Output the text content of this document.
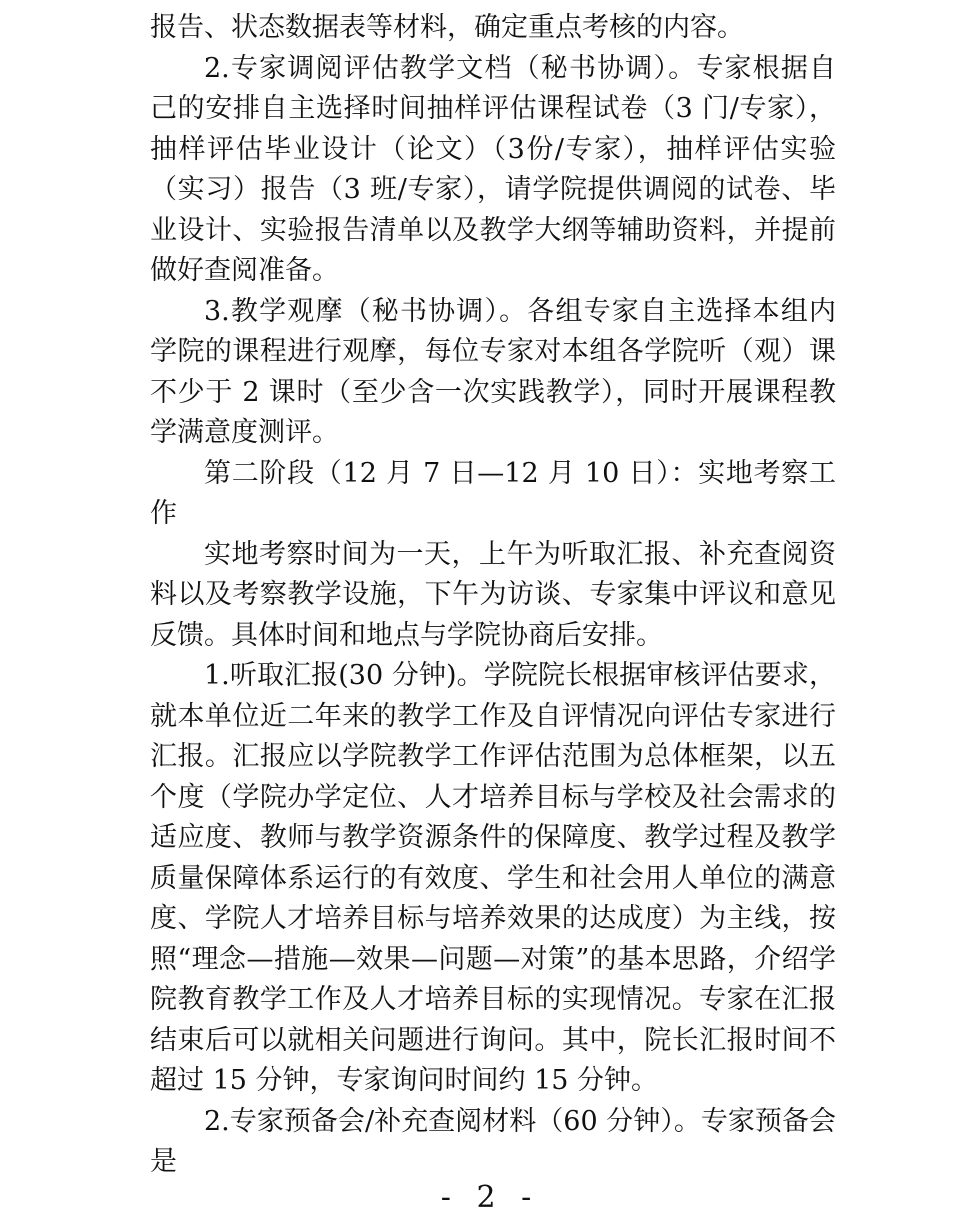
报告、状态数据表等材料，确定重点考核的内容。

2.专家调阅评估教学文档（秘书协调）。专家根据自己的安排自主选择时间抽样评估课程试卷（3 门/专家），抽样评估毕业设计（论文）（3份/专家），抽样评估实验（实习）报告（3 班/专家），请学院提供调阅的试卷、毕业设计、实验报告清单以及教学大纲等辅助资料，并提前做好查阅准备。

3.教学观摩（秘书协调）。各组专家自主选择本组内学院的课程进行观摩，每位专家对本组各学院听（观）课不少于 2 课时（至少含一次实践教学），同时开展课程教学满意度测评。

第二阶段（12 月 7 日—12 月 10 日）：实地考察工作

实地考察时间为一天，上午为听取汇报、补充查阅资料以及考察教学设施，下午为访谈、专家集中评议和意见反馈。具体时间和地点与学院协商后安排。

1.听取汇报(30 分钟)。学院院长根据审核评估要求，就本单位近二年来的教学工作及自评情况向评估专家进行汇报。汇报应以学院教学工作评估范围为总体框架，以五个度（学院办学定位、人才培养目标与学校及社会需求的适应度、教师与教学资源条件的保障度、教学过程及教学质量保障体系运行的有效度、学生和社会用人单位的满意度、学院人才培养目标与培养效果的达成度）为主线，按照“理念—措施—效果—问题—对策”的基本思路，介绍学院教育教学工作及人才培养目标的实现情况。专家在汇报结束后可以就相关问题进行询问。其中，院长汇报时间不超过 15 分钟，专家询问时间约 15 分钟。

2.专家预备会/补充查阅材料（60 分钟）。专家预备会是

- 2 -
